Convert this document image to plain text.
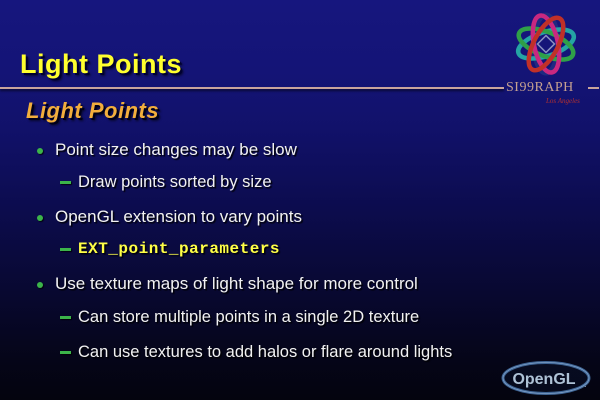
Light Points
SI99RAPH
Los Angeles
Light Points
Point size changes may be slow
Draw points sorted by size
OpenGL extension to vary points
EXT_point_parameters
Use texture maps of light shape for more control
Can store multiple points in a single 2D texture
Can use textures to add halos or flare around lights
OpenGL .
